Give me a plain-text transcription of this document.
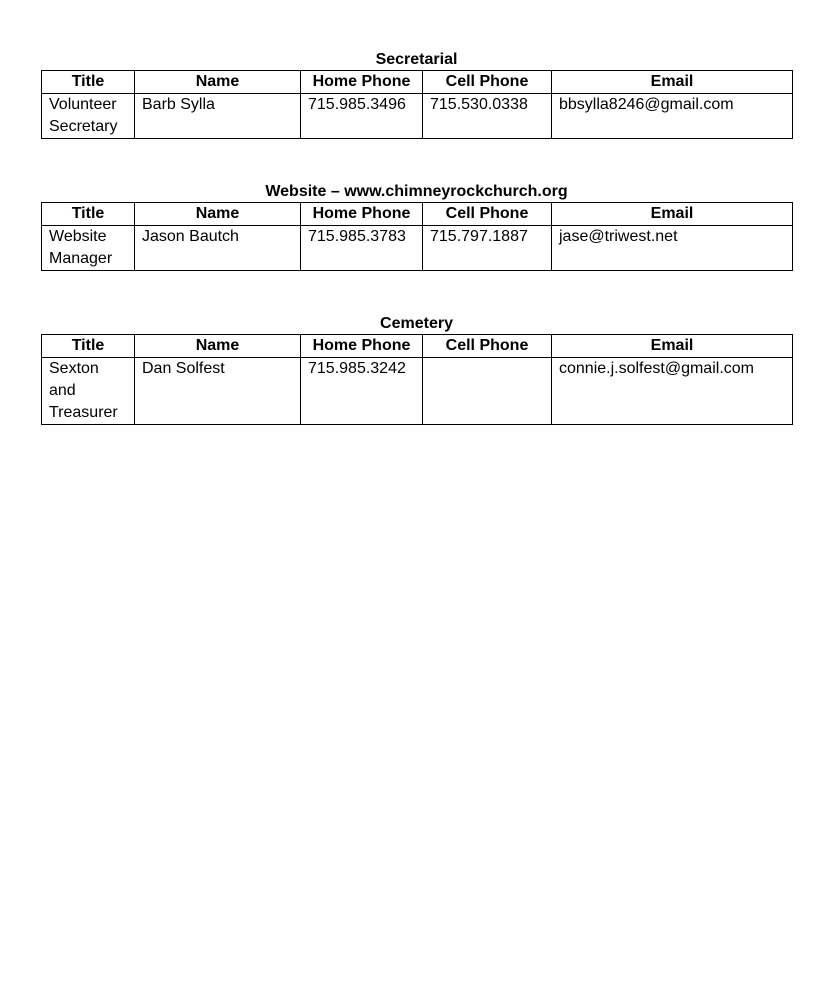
Secretarial
Title	Name	Home Phone	Cell Phone	Email
Volunteer Secretary	Barb Sylla	715.985.3496	715.530.0338	bbsylla8246@gmail.com
Website – www.chimneyrockchurch.org
Title	Name	Home Phone	Cell Phone	Email
Website Manager	Jason Bautch	715.985.3783	715.797.1887	jase@triwest.net
Cemetery
Title	Name	Home Phone	Cell Phone	Email
Sexton and Treasurer	Dan Solfest	715.985.3242		connie.j.solfest@gmail.com
